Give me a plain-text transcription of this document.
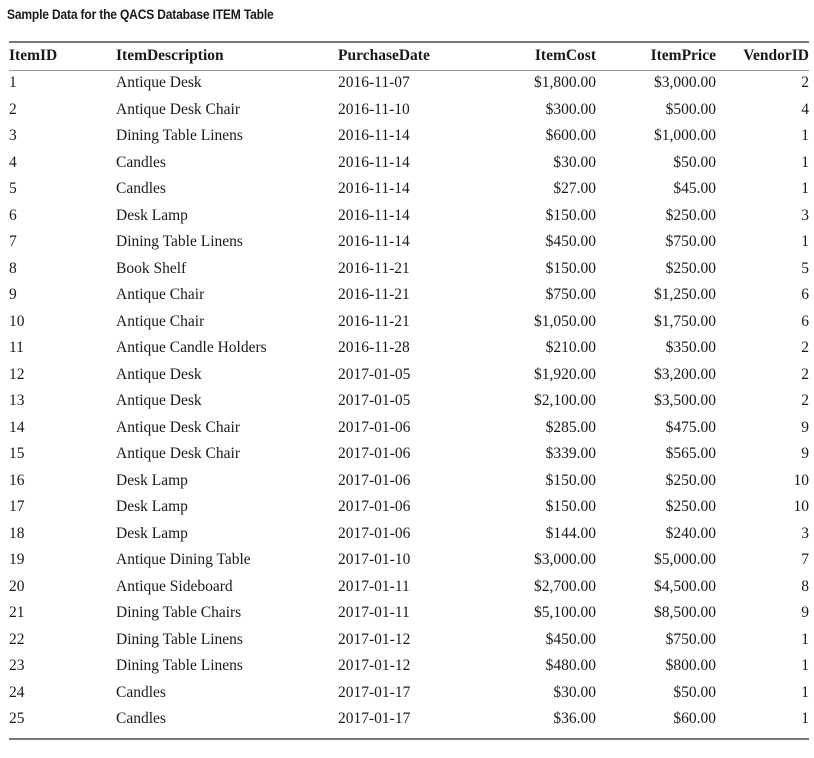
Sample Data for the QACS Database ITEM Table
ItemID	ItemDescription	PurchaseDate	ItemCost	ItemPrice	VendorID
1	Antique Desk	2016-11-07	$1,800.00	$3,000.00	2
2	Antique Desk Chair	2016-11-10	$300.00	$500.00	4
3	Dining Table Linens	2016-11-14	$600.00	$1,000.00	1
4	Candles	2016-11-14	$30.00	$50.00	1
5	Candles	2016-11-14	$27.00	$45.00	1
6	Desk Lamp	2016-11-14	$150.00	$250.00	3
7	Dining Table Linens	2016-11-14	$450.00	$750.00	1
8	Book Shelf	2016-11-21	$150.00	$250.00	5
9	Antique Chair	2016-11-21	$750.00	$1,250.00	6
10	Antique Chair	2016-11-21	$1,050.00	$1,750.00	6
11	Antique Candle Holders	2016-11-28	$210.00	$350.00	2
12	Antique Desk	2017-01-05	$1,920.00	$3,200.00	2
13	Antique Desk	2017-01-05	$2,100.00	$3,500.00	2
14	Antique Desk Chair	2017-01-06	$285.00	$475.00	9
15	Antique Desk Chair	2017-01-06	$339.00	$565.00	9
16	Desk Lamp	2017-01-06	$150.00	$250.00	10
17	Desk Lamp	2017-01-06	$150.00	$250.00	10
18	Desk Lamp	2017-01-06	$144.00	$240.00	3
19	Antique Dining Table	2017-01-10	$3,000.00	$5,000.00	7
20	Antique Sideboard	2017-01-11	$2,700.00	$4,500.00	8
21	Dining Table Chairs	2017-01-11	$5,100.00	$8,500.00	9
22	Dining Table Linens	2017-01-12	$450.00	$750.00	1
23	Dining Table Linens	2017-01-12	$480.00	$800.00	1
24	Candles	2017-01-17	$30.00	$50.00	1
25	Candles	2017-01-17	$36.00	$60.00	1
